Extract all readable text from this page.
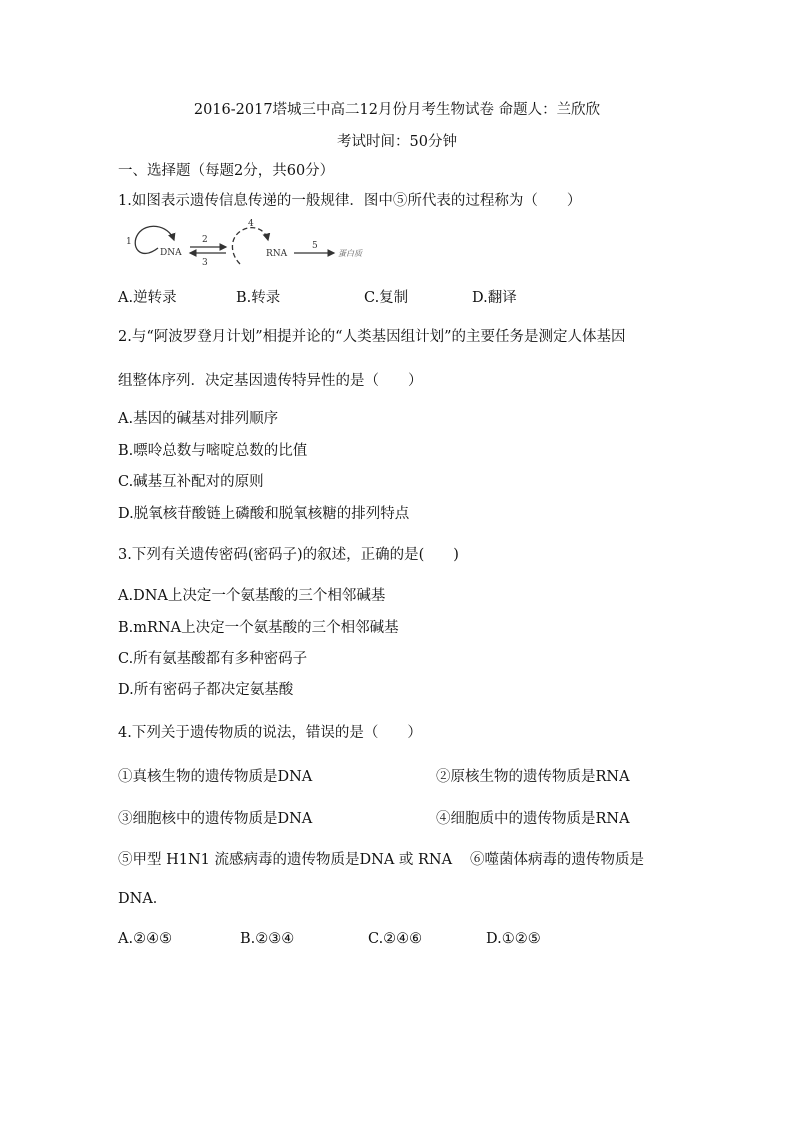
2016-2017塔城三中高二12月份月考生物试卷 命题人：兰欣欣
考试时间：50分钟
一、选择题（每题2分，共60分）
1.如图表示遗传信息传递的一般规律．图中⑤所代表的过程称为（　　）
1
DNA
2
3
4
RNA
5
蛋白质
A.逆转录	B.转录	C.复制	D.翻译
2.与“阿波罗登月计划”相提并论的“人类基因组计划”的主要任务是测定人体基因
组整体序列．决定基因遗传特异性的是（　　）
A.基因的碱基对排列顺序
B.嘌呤总数与嘧啶总数的比值
C.碱基互补配对的原则
D.脱氧核苷酸链上磷酸和脱氧核糖的排列特点
3.下列有关遗传密码(密码子)的叙述，正确的是(　　)
A.DNA上决定一个氨基酸的三个相邻碱基
B.mRNA上决定一个氨基酸的三个相邻碱基
C.所有氨基酸都有多种密码子
D.所有密码子都决定氨基酸
4.下列关于遗传物质的说法，错误的是（　　）
①真核生物的遗传物质是DNA	②原核生物的遗传物质是RNA
③细胞核中的遗传物质是DNA	④细胞质中的遗传物质是RNA
⑤甲型 H1N1 流感病毒的遗传物质是DNA 或 RNA ⑥噬菌体病毒的遗传物质是
DNA．
A.②④⑤	B.②③④	C.②④⑥	D.①②⑤
